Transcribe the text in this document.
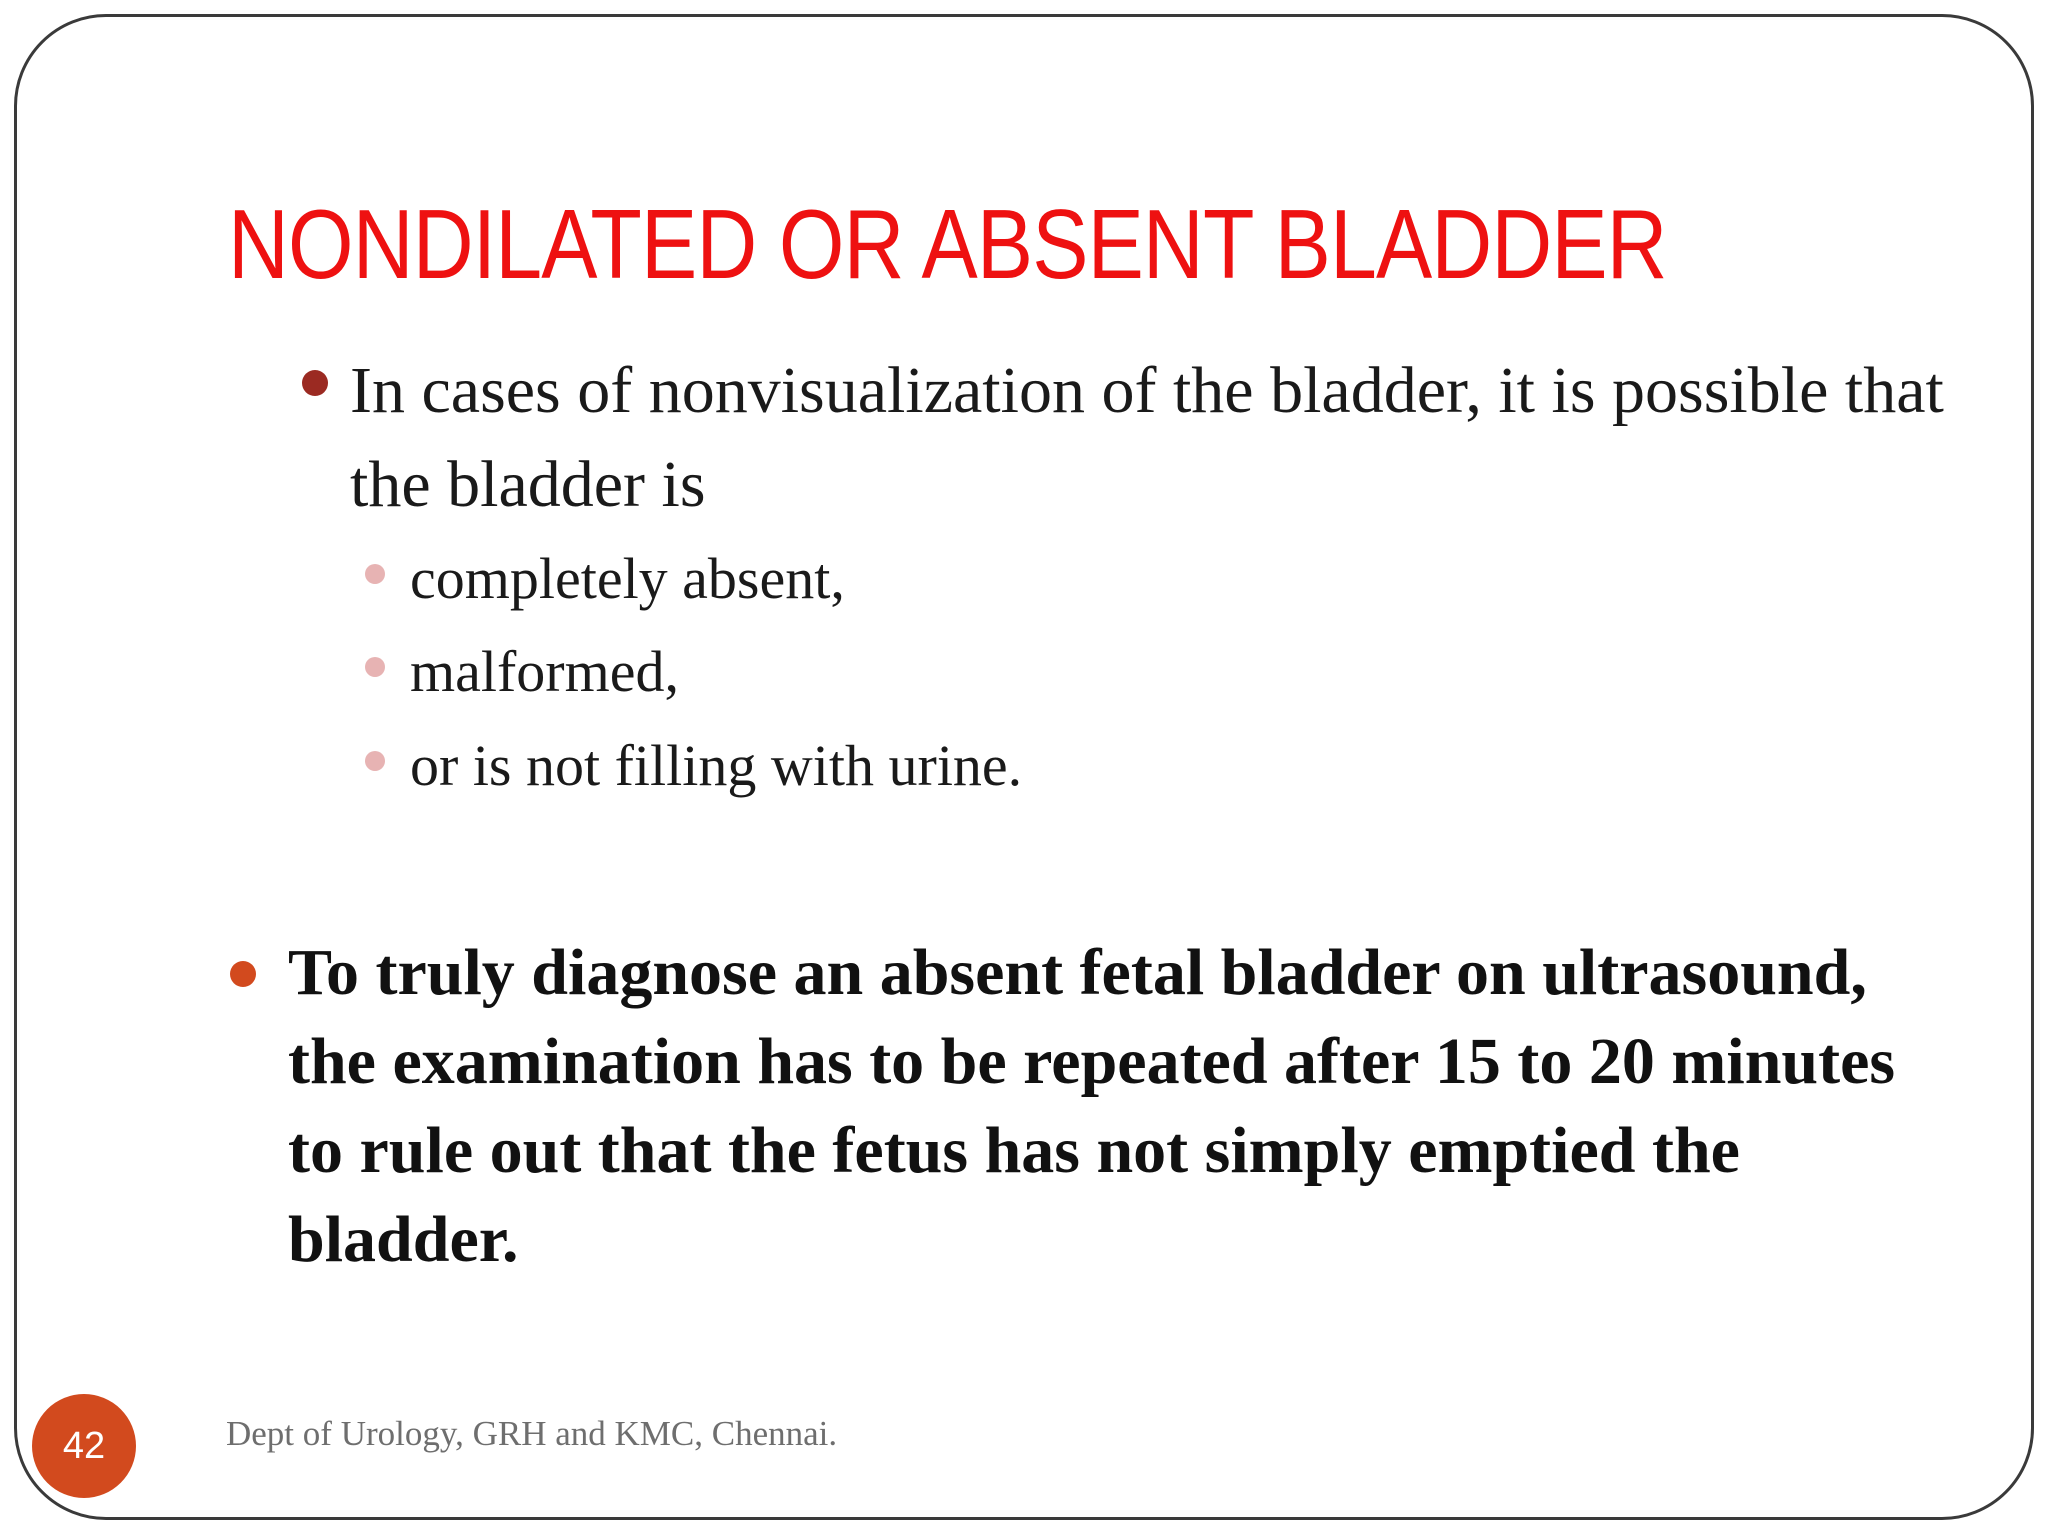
NONDILATED OR ABSENT BLADDER
In cases of nonvisualization of the bladder, it is possible that the bladder is
completely absent,
malformed,
or is not filling with urine.
To truly diagnose an absent fetal bladder on ultrasound, the examination has to be repeated after 15 to 20 minutes to rule out that the fetus has not simply emptied the bladder.
42	Dept of Urology, GRH and KMC, Chennai.
